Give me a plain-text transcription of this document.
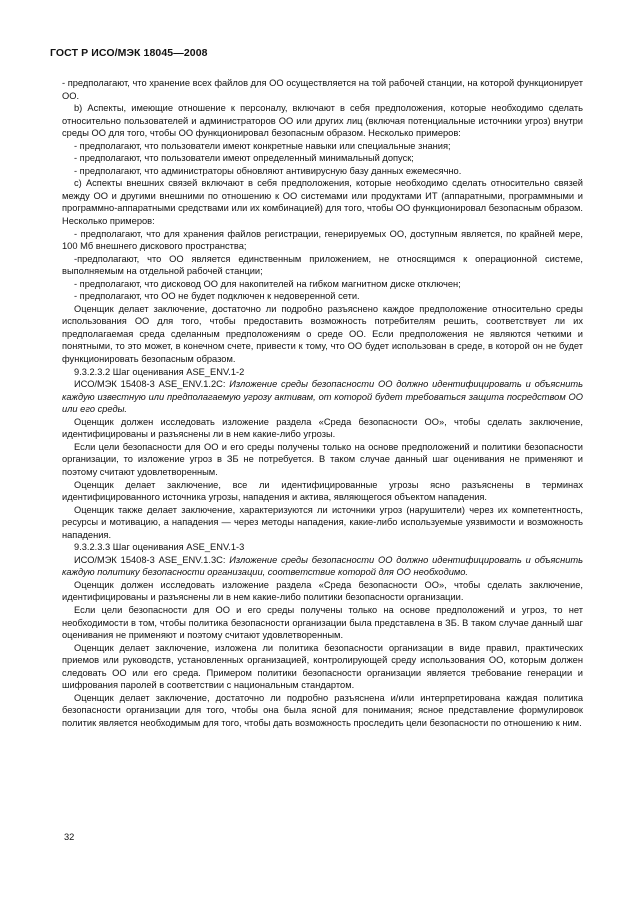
ГОСТ Р ИСО/МЭК 18045—2008

- предполагают, что хранение всех файлов для ОО осуществляется на той рабочей станции, на которой функционирует ОО.

b) Аспекты, имеющие отношение к персоналу, включают в себя предположения, которые необходимо сделать относительно пользователей и администраторов ОО или других лиц (включая потенциальные источники угроз) внутри среды ОО для того, чтобы ОО функционировал безопасным образом. Несколько примеров:

- предполагают, что пользователи имеют конкретные навыки или специальные знания;

- предполагают, что пользователи имеют определенный минимальный допуск;

- предполагают, что администраторы обновляют антивирусную базу данных ежемесячно.

c) Аспекты внешних связей включают в себя предположения, которые необходимо сделать относительно связей между ОО и другими внешними по отношению к ОО системами или продуктами ИТ (аппаратными, программными и программно-аппаратными средствами или их комбинацией) для того, чтобы ОО функционировал безопасным образом. Несколько примеров:

- предполагают, что для хранения файлов регистрации, генерируемых ОО, доступным является, по крайней мере, 100 Мб внешнего дискового пространства;

-предполагают, что ОО является единственным приложением, не относящимся к операционной системе, выполняемым на отдельной рабочей станции;

- предполагают, что дисковод ОО для накопителей на гибком магнитном диске отключен;

- предполагают, что ОО не будет подключен к недоверенной сети.

Оценщик делает заключение, достаточно ли подробно разъяснено каждое предположение относительно среды использования ОО для того, чтобы предоставить возможность потребителям решить, соответствует ли их предполагаемая среда сделанным предположениям о среде ОО. Если предположения не являются четкими и понятными, то это может, в конечном счете, привести к тому, что ОО будет использован в среде, в которой он не будет функционировать безопасным образом.

9.3.2.3.2 Шаг оценивания ASE_ENV.1-2

ИСО/МЭК 15408-3 ASE_ENV.1.2С: Изложение среды безопасности ОО должно идентифицировать и объяснить каждую известную или предполагаемую угрозу активам, от которой будет требоваться защита посредством ОО или его среды.

Оценщик должен исследовать изложение раздела «Среда безопасности ОО», чтобы сделать заключение, идентифицированы и разъяснены ли в нем какие-либо угрозы.

Если цели безопасности для ОО и его среды получены только на основе предположений и политики безопасности организации, то изложение угроз в ЗБ не потребуется. В таком случае данный шаг оценивания не применяют и поэтому считают удовлетворенным.

Оценщик делает заключение, все ли идентифицированные угрозы ясно разъяснены в терминах идентифицированного источника угрозы, нападения и актива, являющегося объектом нападения.

Оценщик также делает заключение, характеризуются ли источники угроз (нарушители) через их компетентность, ресурсы и мотивацию, а нападения — через методы нападения, какие-либо используемые уязвимости и возможность нападения.

9.3.2.3.3 Шаг оценивания ASE_ENV.1-3

ИСО/МЭК 15408-3 ASE_ENV.1.3С: Изложение среды безопасности ОО должно идентифицировать и объяснить каждую политику безопасности организации, соответствие которой для ОО необходимо.

Оценщик должен исследовать изложение раздела «Среда безопасности ОО», чтобы сделать заключение, идентифицированы и разъяснены ли в нем какие-либо политики безопасности организации.

Если цели безопасности для ОО и его среды получены только на основе предположений и угроз, то нет необходимости в том, чтобы политика безопасности организации была представлена в ЗБ. В таком случае данный шаг оценивания не применяют и поэтому считают удовлетворенным.

Оценщик делает заключение, изложена ли политика безопасности организации в виде правил, практических приемов или руководств, установленных организацией, контролирующей среду использования ОО, которым должен следовать ОО или его среда. Примером политики безопасности организации является требование генерации и шифрования паролей в соответствии с национальным стандартом.

Оценщик делает заключение, достаточно ли подробно разъяснена и/или интерпретирована каждая политика безопасности организации для того, чтобы она была ясной для понимания; ясное представление формулировок политик является необходимым для того, чтобы дать возможность проследить цели безопасности по отношению к ним.

32
